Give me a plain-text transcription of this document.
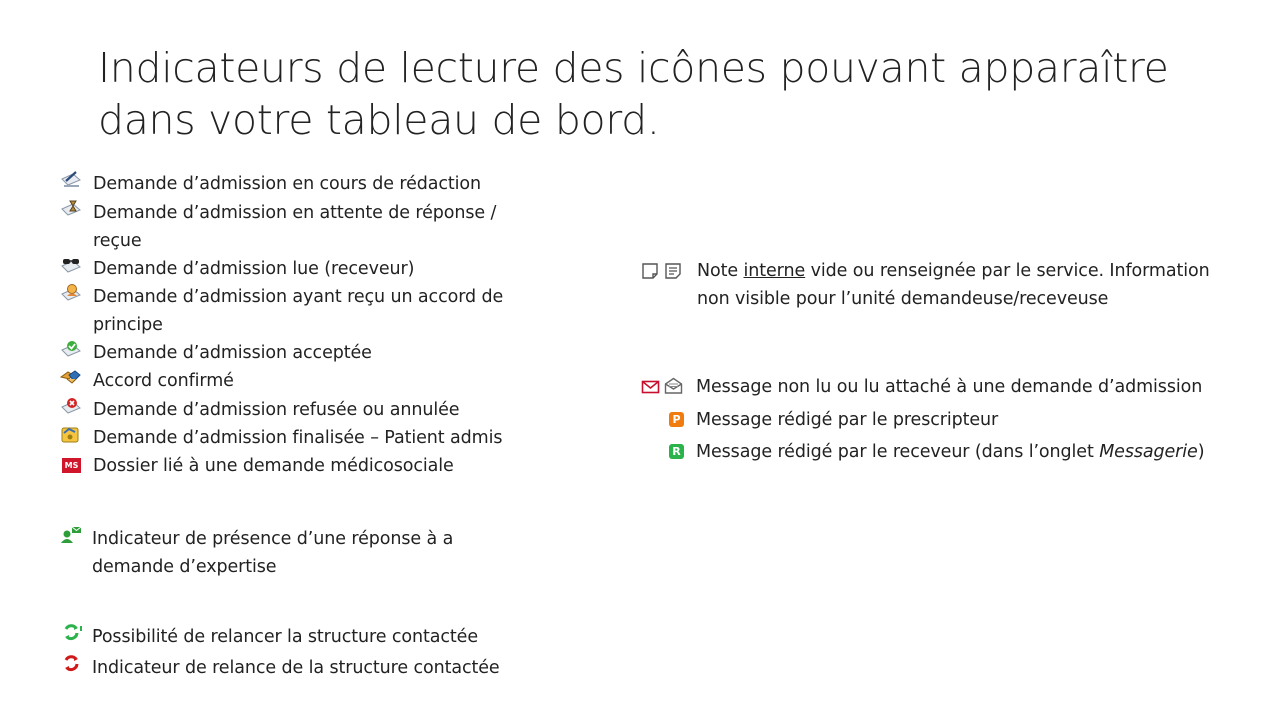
Indicateurs de lecture des icônes pouvant apparaître
dans votre tableau de bord.
Demande d’admission en cours de rédaction
Demande d’admission en attente de réponse / reçue
Demande d’admission lue (receveur)
Demande d’admission ayant reçu un accord de principe
Demande d’admission acceptée
Accord confirmé
Demande d’admission refusée ou annulée
Demande d’admission finalisée – Patient admis
MS Dossier lié à une demande médicosociale
Indicateur de présence d’une réponse à a demande d’expertise
Possibilité de relancer la structure contactée
Indicateur de relance de la structure contactée
Note interne vide ou renseignée par le service. Information non visible pour l’unité demandeuse/receveuse
Message non lu ou lu attaché à une demande d’admission
P Message rédigé par le prescripteur
R Message rédigé par le receveur (dans l’onglet Messagerie)
